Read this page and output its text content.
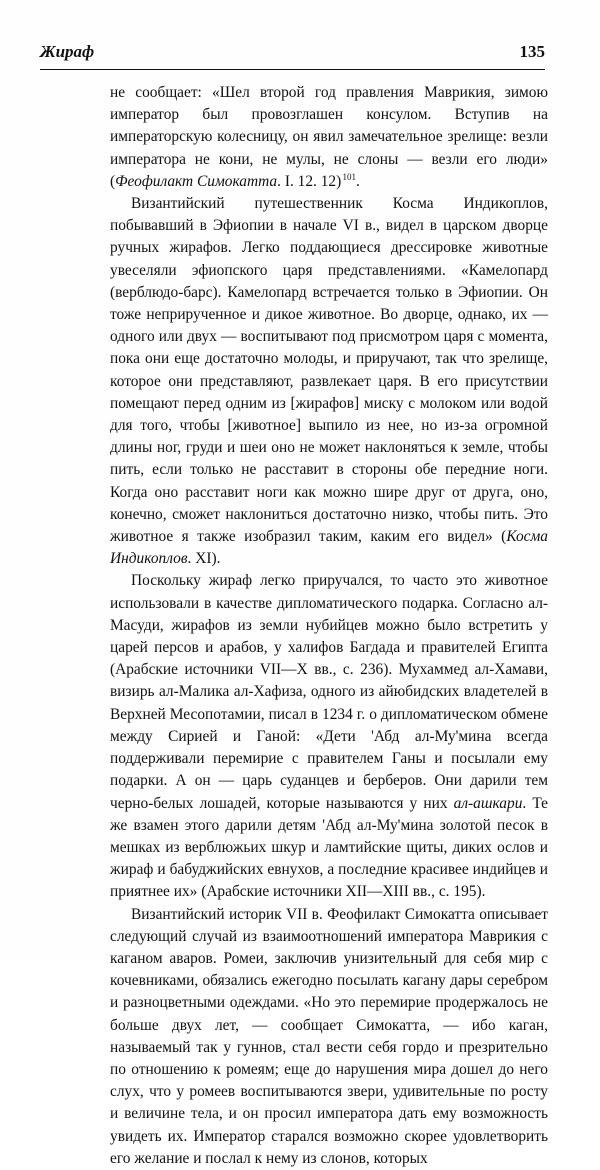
Жираф	135

не сообщает: «Шел второй год правления Маврикия, зимою император был провозглашен консулом. Вступив на императорскую колесницу, он явил замечательное зрелище: везли императора не кони, не мулы, не слоны — везли его люди» (Феофилакт Симокатта. I. 12. 12) $^{101}$.

Византийский путешественник Косма Индикоплов, побывавший в Эфиопии в начале VI в., видел в царском дворце ручных жирафов. Легко поддающиеся дрессировке животные увеселяли эфиопского царя представлениями. «Камелопард (верблюдо-барс). Камелопард встречается только в Эфиопии. Он тоже неприрученное и дикое животное. Во дворце, однако, их — одного или двух — воспитывают под присмотром царя с момента, пока они еще достаточно молоды, и приручают, так что зрелище, которое они представляют, развлекает царя. В его присутствии помещают перед одним из [жирафов] миску с молоком или водой для того, чтобы [животное] выпило из нее, но из-за огромной длины ног, груди и шеи оно не может наклоняться к земле, чтобы пить, если только не расставит в стороны обе передние ноги. Когда оно расставит ноги как можно шире друг от друга, оно, конечно, сможет наклониться достаточно низко, чтобы пить. Это животное я также изобразил таким, каким его видел» (Косма Индикоплов. XI).

Поскольку жираф легко приручался, то часто это животное использовали в качестве дипломатического подарка. Согласно ал-Масуди, жирафов из земли нубийцев можно было встретить у царей персов и арабов, у халифов Багдада и правителей Египта (Арабские источники VII—X вв., с. 236). Мухаммед ал-Хамави, визирь ал-Малика ал-Хафиза, одного из айюбидских владетелей в Верхней Месопотамии, писал в 1234 г. о дипломатическом обмене между Сирией и Ганой: «Дети 'Абд ал-Му'мина всегда поддерживали перемирие с правителем Ганы и посылали ему подарки. А он — царь суданцев и берберов. Они дарили тем черно-белых лошадей, которые называются у них ал-ашкари. Те же взамен этого дарили детям 'Абд ал-Му'мина золотой песок в мешках из верблюжьих шкур и ламтийские щиты, диких ослов и жираф и бабуджийских евнухов, а последние красивее индийцев и приятнее их» (Арабские источники XII—XIII вв., с. 195).

Византийский историк VII в. Феофилакт Симокатта описывает следующий случай из взаимоотношений императора Маврикия с каганом аваров. Ромеи, заключив унизительный для себя мир с кочевниками, обязались ежегодно посылать кагану дары серебром и разноцветными одеждами. «Но это перемирие продержалось не больше двух лет, — сообщает Симокатта, — ибо каган, называемый так у гуннов, стал вести себя гордо и презрительно по отношению к ромеям; еще до нарушения мира дошел до него слух, что у ромеев воспитываются звери, удивительные по росту и величине тела, и он просил императора дать ему возможность увидеть их. Император старался возможно скорее удовлетворить его желание и послал к нему из слонов, которых
